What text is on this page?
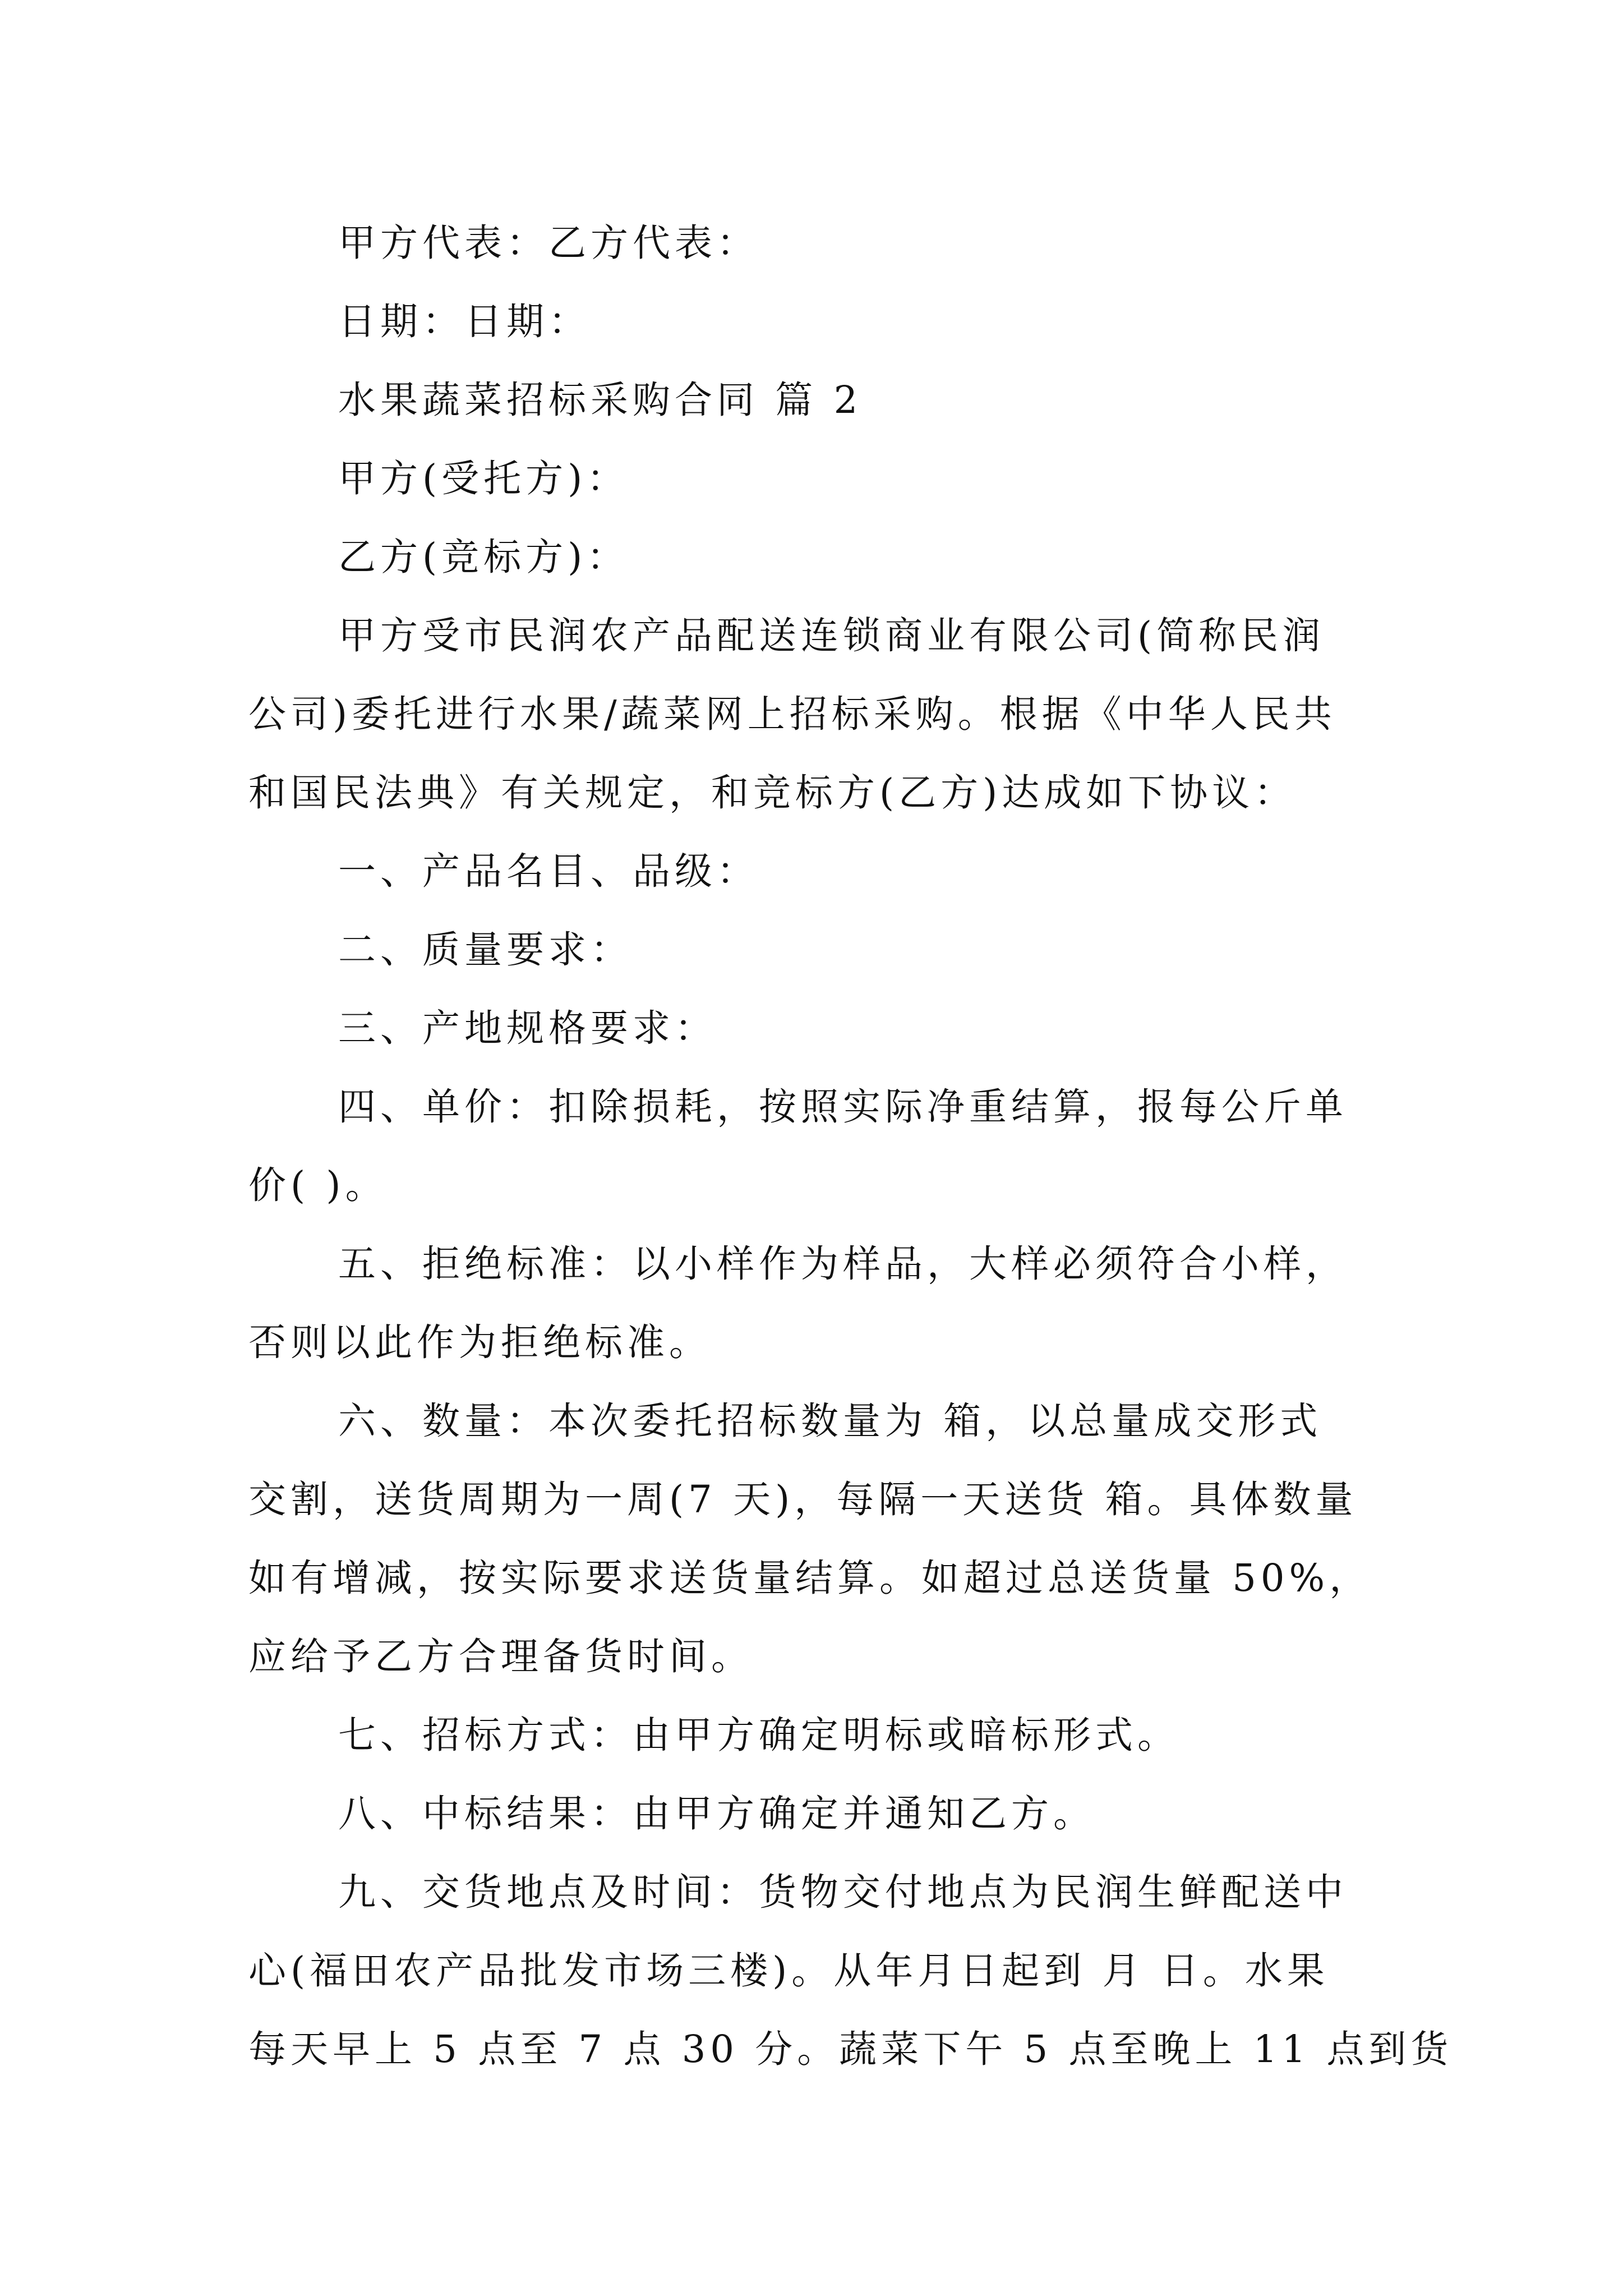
甲方代表：乙方代表：
日期：日期：
水果蔬菜招标采购合同 篇 2
甲方(受托方)：
乙方(竞标方)：
甲方受市民润农产品配送连锁商业有限公司(简称民润
公司)委托进行水果/蔬菜网上招标采购。根据《中华人民共
和国民法典》有关规定，和竞标方(乙方)达成如下协议：
一、产品名目、品级：
二、质量要求：
三、产地规格要求：
四、单价：扣除损耗，按照实际净重结算，报每公斤单
价( )。
五、拒绝标准：以小样作为样品，大样必须符合小样，
否则以此作为拒绝标准。
六、数量：本次委托招标数量为 箱，以总量成交形式
交割，送货周期为一周(7 天)，每隔一天送货 箱。具体数量
如有增减，按实际要求送货量结算。如超过总送货量 50%，
应给予乙方合理备货时间。
七、招标方式：由甲方确定明标或暗标形式。
八、中标结果：由甲方确定并通知乙方。
九、交货地点及时间：货物交付地点为民润生鲜配送中
心(福田农产品批发市场三楼)。从年月日起到 月 日。水果
每天早上 5 点至 7 点 30 分。蔬菜下午 5 点至晚上 11 点到货
